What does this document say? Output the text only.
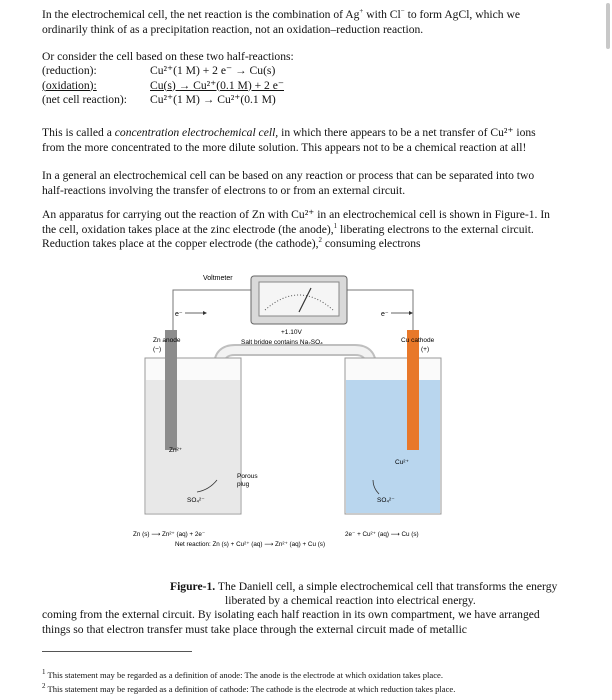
In the electrochemical cell, the net reaction is the combination of Ag+ with Cl− to form AgCl, which we ordinarily think of as a precipitation reaction, not an oxidation–reduction reaction.

Or consider the cell based on these two half-reactions:

(reduction):	Cu²⁺(1 M) + 2 e⁻ → Cu(s)
(oxidation):	Cu(s) → Cu²⁺(0.1 M) + 2 e⁻
(net cell reaction):	Cu²⁺(1 M) → Cu²⁺(0.1 M)

This is called a concentration electrochemical cell, in which there appears to be a net transfer of Cu²⁺ ions from the more concentrated to the more dilute solution. This appears not to be a chemical reaction at all!

In a general an electrochemical cell can be based on any reaction or process that can be separated into two half-reactions involving the transfer of electrons to or from an external circuit.

An apparatus for carrying out the reaction of Zn with Cu²⁺ in an electrochemical cell is shown in Figure-1. In the cell, oxidation takes place at the zinc electrode (the anode),$^1$ liberating electrons to the external circuit. Reduction takes place at the copper electrode (the cathode),$^2$ consuming electrons

Voltmeter
e⁻	e⁻
+1.10V
Salt bridge contains Na₂SO₄
SO₄²⁻
Zn anode
(−)
Zn²⁺
SO₄²⁻
Cu cathode
(+)
Cu²⁺
SO₄²⁻
Porous
plug
Zn (s) ⟶ Zn²⁺ (aq) + 2e⁻	2e⁻ + Cu²⁺ (aq) ⟶ Cu (s)
Net reaction: Zn (s) + Cu²⁺ (aq) ⟶ Zn²⁺ (aq) + Cu (s)

Figure-1. The Daniell cell, a simple electrochemical cell that transforms the energy liberated by a chemical reaction into electrical energy.

coming from the external circuit. By isolating each half reaction in its own compartment, we have arranged things so that electron transfer must take place through the external circuit made of metallic

$^1$ This statement may be regarded as a definition of anode: The anode is the electrode at which oxidation takes place.

$^2$ This statement may be regarded as a definition of cathode: The cathode is the electrode at which reduction takes place.
